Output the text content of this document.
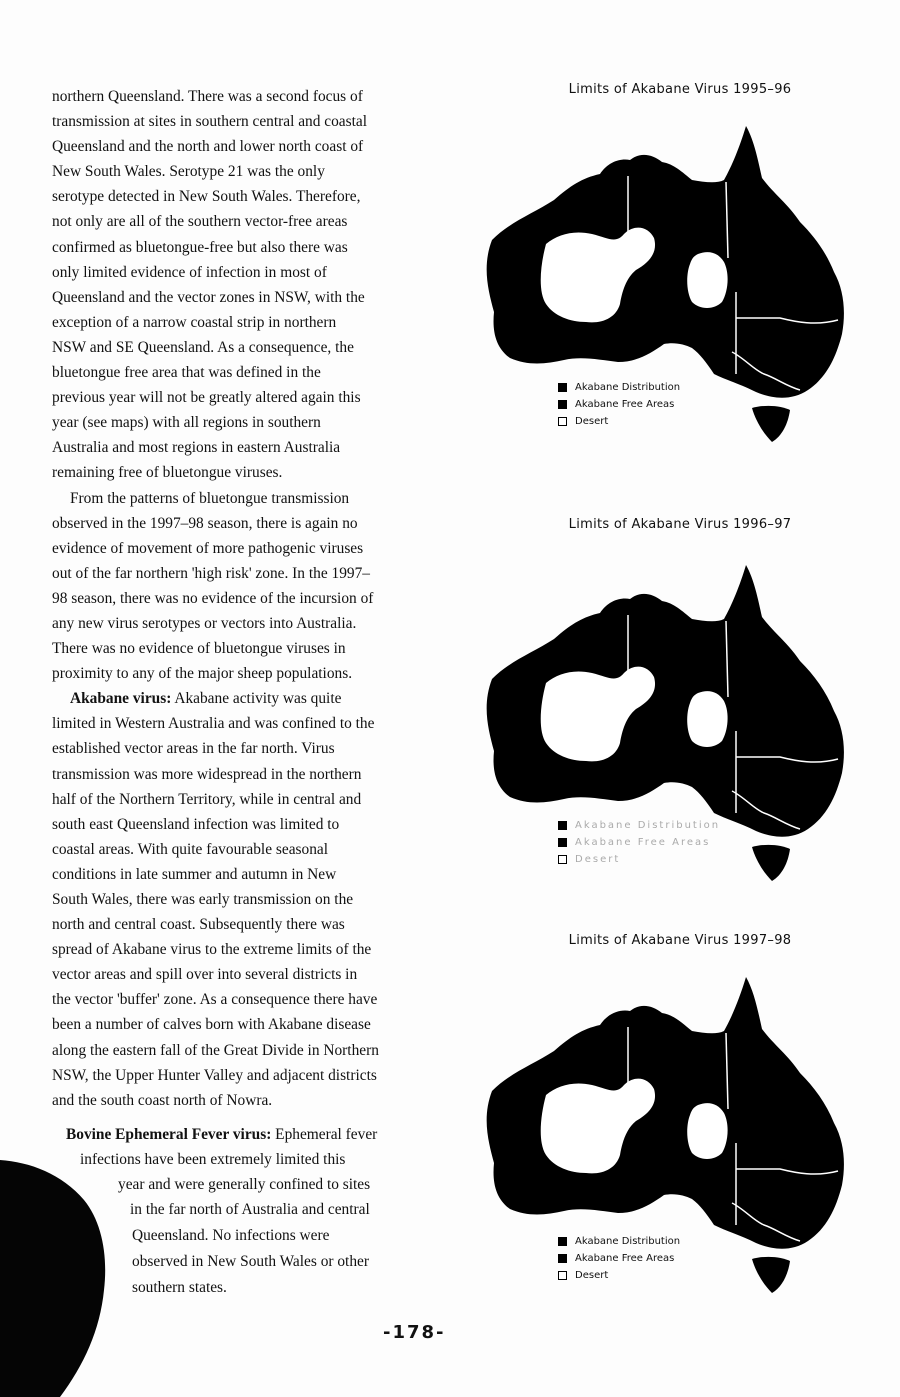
northern Queensland. There was a second focus of
transmission at sites in southern central and coastal
Queensland and the north and lower north coast of
New South Wales. Serotype 21 was the only
serotype detected in New South Wales. Therefore,
not only are all of the southern vector-free areas
confirmed as bluetongue-free but also there was
only limited evidence of infection in most of
Queensland and the vector zones in NSW, with the
exception of a narrow coastal strip in northern
NSW and SE Queensland. As a consequence, the
bluetongue free area that was defined in the
previous year will not be greatly altered again this
year (see maps) with all regions in southern
Australia and most regions in eastern Australia
remaining free of bluetongue viruses.

From the patterns of bluetongue transmission
observed in the 1997–98 season, there is again no
evidence of movement of more pathogenic viruses
out of the far northern 'high risk' zone. In the 1997–
98 season, there was no evidence of the incursion of
any new virus serotypes or vectors into Australia.
There was no evidence of bluetongue viruses in
proximity to any of the major sheep populations.

Akabane virus: Akabane activity was quite
limited in Western Australia and was confined to the
established vector areas in the far north. Virus
transmission was more widespread in the northern
half of the Northern Territory, while in central and
south east Queensland infection was limited to
coastal areas. With quite favourable seasonal
conditions in late summer and autumn in New
South Wales, there was early transmission on the
north and central coast. Subsequently there was
spread of Akabane virus to the extreme limits of the
vector areas and spill over into several districts in
the vector 'buffer' zone. As a consequence there have
been a number of calves born with Akabane disease
along the eastern fall of the Great Divide in Northern
NSW, the Upper Hunter Valley and adjacent districts
and the south coast north of Nowra.

Bovine Ephemeral Fever virus: Ephemeral fever
infections have been extremely limited this
year and were generally confined to sites
in the far north of Australia and central
Queensland. No infections were
observed in New South Wales or other
southern states.
Limits of Akabane Virus 1995–96
Akabane Distribution
Akabane Free Areas
Desert
Limits of Akabane Virus 1996–97
Akabane Distribution
Akabane Free Areas
Desert
Limits of Akabane Virus 1997–98
Akabane Distribution
Akabane Free Areas
Desert
-178-
